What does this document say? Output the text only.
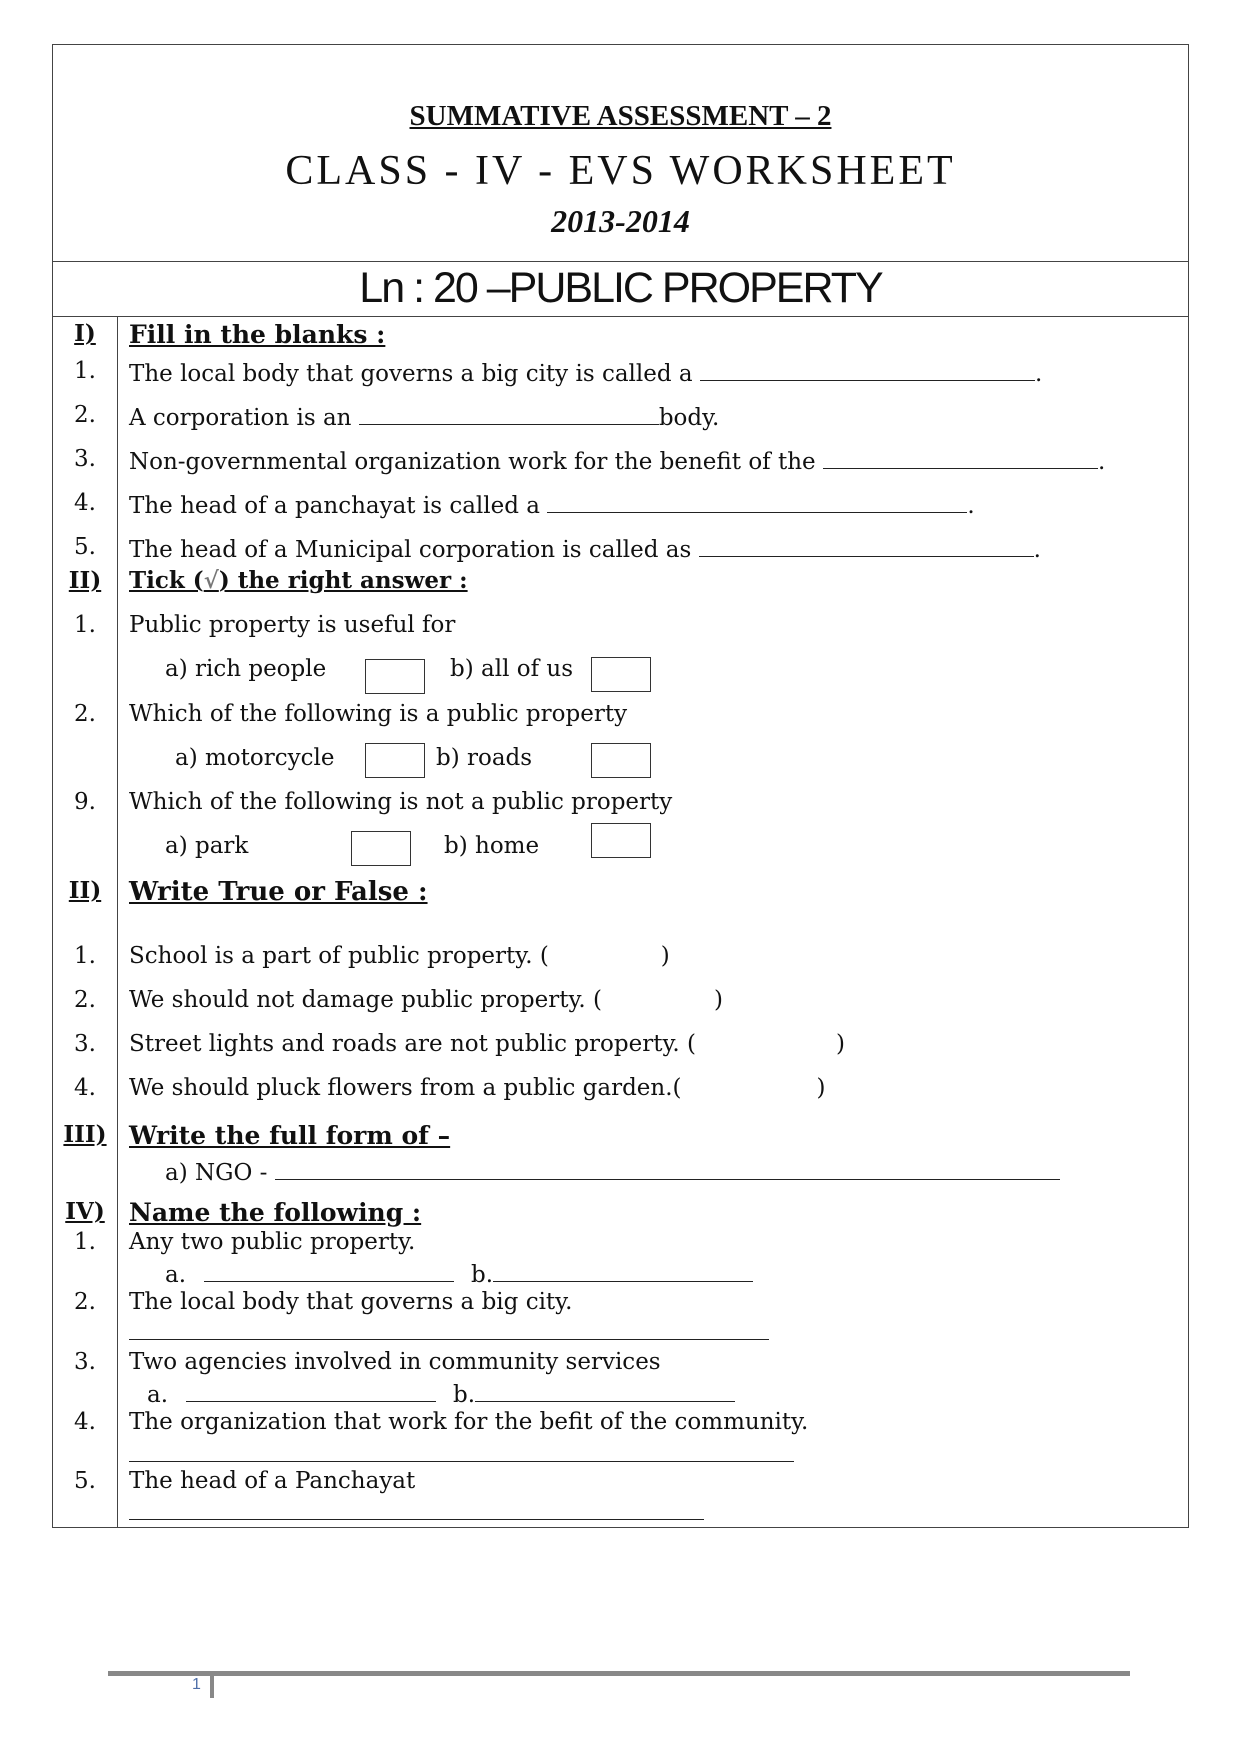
SUMMATIVE ASSESSMENT – 2
CLASS - IV - EVS WORKSHEET
2013-2014
Ln : 20 –PUBLIC PROPERTY
I)	Fill in the blanks :
1.	The local body that governs a big city is called a	.
2.	A corporation is an	body.
3.	Non-governmental organization work for the benefit of the	.
4.	The head of a panchayat is called a	.
5.	The head of a Municipal corporation is called as	.
II)	Tick (√) the right answer :
1.	Public property is useful for
a) rich people	b) all of us
2.	Which of the following is a public property
a) motorcycle	b) roads
9.	Which of the following is not a public property
a) park	b) home
II)	Write True or False :
1.	School is a part of public property. (	)
2.	We should not damage public property. (	)
3.	Street lights and roads are not public property. (	)
4.	We should pluck flowers from a public garden.(	)
III) Write the full form of –
a) NGO -
IV) Name the following :
1.	Any two public property.
a.	b.
2.	The local body that governs a big city.
3.	Two agencies involved in community services
a.	b.
4.	The organization that work for the befit of the community.
5.	The head of a Panchayat
1
